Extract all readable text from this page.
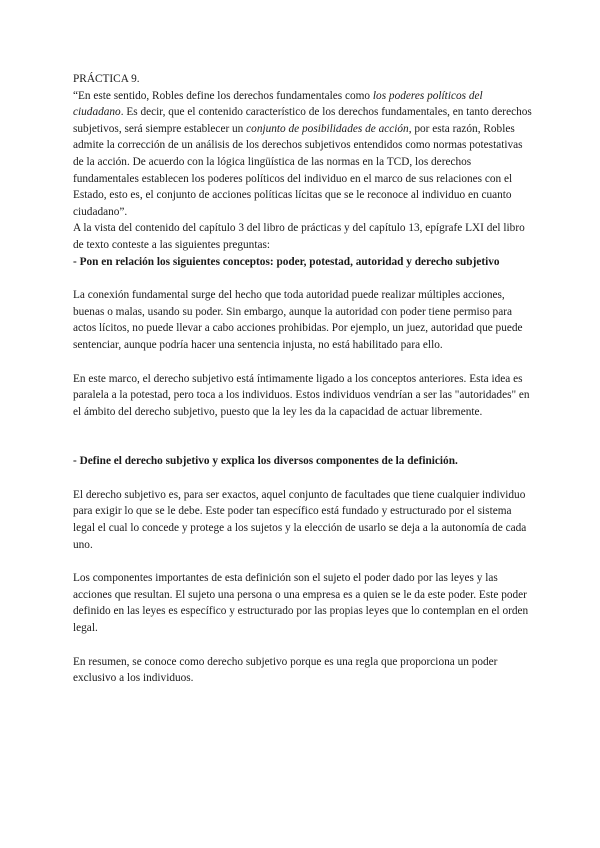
PRÁCTICA 9.

“En este sentido, Robles define los derechos fundamentales como los poderes políticos del ciudadano. Es decir, que el contenido característico de los derechos fundamentales, en tanto derechos subjetivos, será siempre establecer un conjunto de posibilidades de acción, por esta razón, Robles admite la corrección de un análisis de los derechos subjetivos entendidos como normas potestativas de la acción. De acuerdo con la lógica lingüística de las normas en la TCD, los derechos fundamentales establecen los poderes políticos del individuo en el marco de sus relaciones con el Estado, esto es, el conjunto de acciones políticas lícitas que se le reconoce al individuo en cuanto ciudadano”.

A la vista del contenido del capítulo 3 del libro de prácticas y del capítulo 13, epígrafe LXI del libro de texto conteste a las siguientes preguntas:

- Pon en relación los siguientes conceptos: poder, potestad, autoridad y derecho subjetivo

La conexión fundamental surge del hecho que toda autoridad puede realizar múltiples acciones, buenas o malas, usando su poder. Sin embargo, aunque la autoridad con poder tiene permiso para actos lícitos, no puede llevar a cabo acciones prohibidas. Por ejemplo, un juez, autoridad que puede sentenciar, aunque podría hacer una sentencia injusta, no está habilitado para ello.

En este marco, el derecho subjetivo está íntimamente ligado a los conceptos anteriores. Esta idea es paralela a la potestad, pero toca a los individuos. Estos individuos vendrían a ser las "autoridades" en el ámbito del derecho subjetivo, puesto que la ley les da la capacidad de actuar libremente.

- Define el derecho subjetivo y explica los diversos componentes de la definición.

El derecho subjetivo es, para ser exactos, aquel conjunto de facultades que tiene cualquier individuo para exigir lo que se le debe. Este poder tan específico está fundado y estructurado por el sistema legal el cual lo concede y protege a los sujetos y la elección de usarlo se deja a la autonomía de cada uno.

Los componentes importantes de esta definición son el sujeto el poder dado por las leyes y las acciones que resultan. El sujeto una persona o una empresa es a quien se le da este poder. Este poder definido en las leyes es específico y estructurado por las propias leyes que lo contemplan en el orden legal.

En resumen, se conoce como derecho subjetivo porque es una regla que proporciona un poder exclusivo a los individuos.
